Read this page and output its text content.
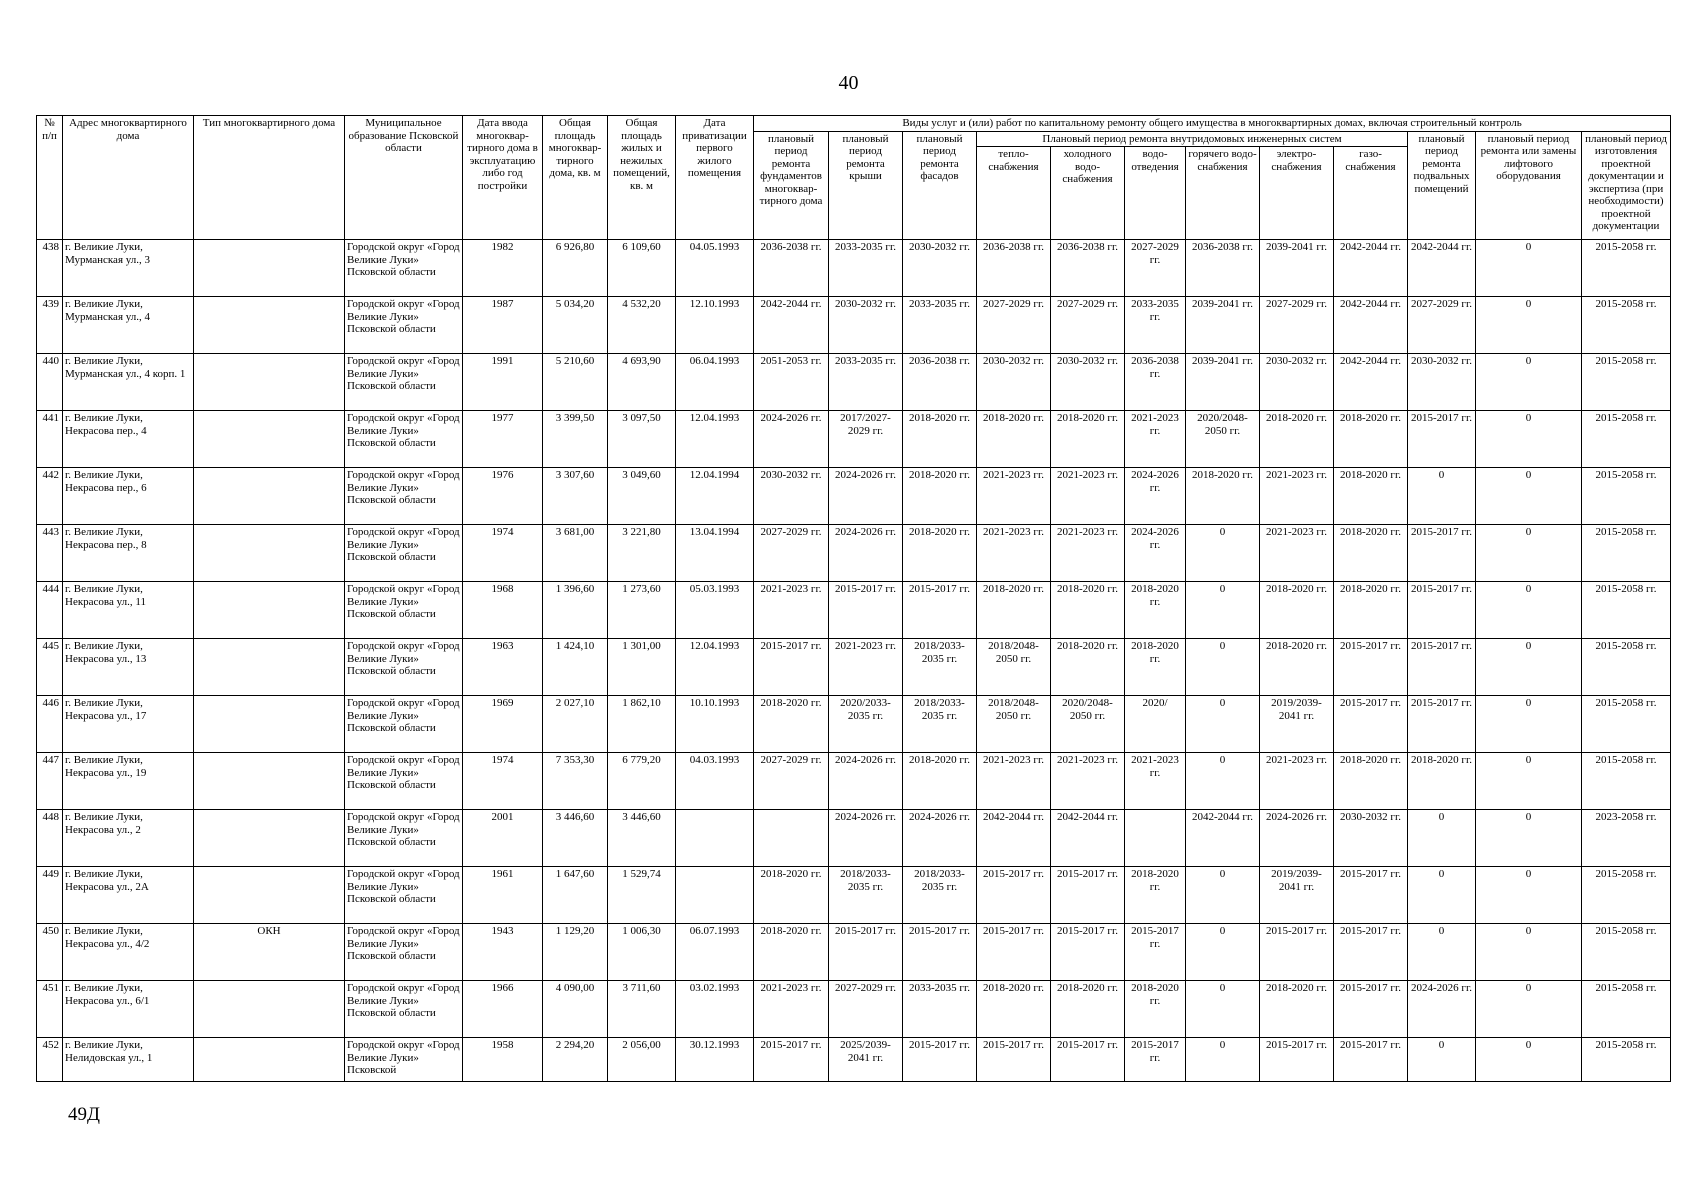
40
№ п/п	Адрес многоквартирного дома	Тип многоквартирного дома	Муниципальное образование Псковской области	Дата ввода многоквар-тирного дома в эксплуатацию либо год постройки	Общая площадь многоквар-тирного дома, кв. м	Общая площадь жилых и нежилых помещений, кв. м	Дата приватизации первого жилого помещения	Виды услуг и (или) работ по капитальному ремонту общего имущества в многоквартирных домах, включая строительный контроль											
								плановый период ремонта фундаментов многоквар-тирного дома	плановый период ремонта крыши	плановый период ремонта фасадов	Плановый период ремонта внутридомовых инженерных систем						плановый период ремонта подвальных помещений	плановый период ремонта или замены лифтового оборудования	плановый период изготовления проектной документации и экспертиза (при необходимости) проектной документации
											тепло-снабжения	холодного водо-снабжения	водо-отведения	горячего водо-снабжения	электро-снабжения	газо-снабжения			
438	г. Великие Луки, Мурманская ул., 3		Городской округ «Город Великие Луки» Псковской области	1982	6 926,80	6 109,60	04.05.1993	2036-2038 гг.	2033-2035 гг.	2030-2032 гг.	2036-2038 гг.	2036-2038 гг.	2027-2029 гг.	2036-2038 гг.	2039-2041 гг.	2042-2044 гг.	2042-2044 гг.	0	2015-2058 гг.
439	г. Великие Луки, Мурманская ул., 4		Городской округ «Город Великие Луки» Псковской области	1987	5 034,20	4 532,20	12.10.1993	2042-2044 гг.	2030-2032 гг.	2033-2035 гг.	2027-2029 гг.	2027-2029 гг.	2033-2035 гг.	2039-2041 гг.	2027-2029 гг.	2042-2044 гг.	2027-2029 гг.	0	2015-2058 гг.
440	г. Великие Луки, Мурманская ул., 4 корп. 1		Городской округ «Город Великие Луки» Псковской области	1991	5 210,60	4 693,90	06.04.1993	2051-2053 гг.	2033-2035 гг.	2036-2038 гг.	2030-2032 гг.	2030-2032 гг.	2036-2038 гг.	2039-2041 гг.	2030-2032 гг.	2042-2044 гг.	2030-2032 гг.	0	2015-2058 гг.
441	г. Великие Луки, Некрасова пер., 4		Городской округ «Город Великие Луки» Псковской области	1977	3 399,50	3 097,50	12.04.1993	2024-2026 гг.	2017/2027-2029 гг.	2018-2020 гг.	2018-2020 гг.	2018-2020 гг.	2021-2023 гг.	2020/2048-2050 гг.	2018-2020 гг.	2018-2020 гг.	2015-2017 гг.	0	2015-2058 гг.
442	г. Великие Луки, Некрасова пер., 6		Городской округ «Город Великие Луки» Псковской области	1976	3 307,60	3 049,60	12.04.1994	2030-2032 гг.	2024-2026 гг.	2018-2020 гг.	2021-2023 гг.	2021-2023 гг.	2024-2026 гг.	2018-2020 гг.	2021-2023 гг.	2018-2020 гг.	0	0	2015-2058 гг.
443	г. Великие Луки, Некрасова пер., 8		Городской округ «Город Великие Луки» Псковской области	1974	3 681,00	3 221,80	13.04.1994	2027-2029 гг.	2024-2026 гг.	2018-2020 гг.	2021-2023 гг.	2021-2023 гг.	2024-2026 гг.	0	2021-2023 гг.	2018-2020 гг.	2015-2017 гг.	0	2015-2058 гг.
444	г. Великие Луки, Некрасова ул., 11		Городской округ «Город Великие Луки» Псковской области	1968	1 396,60	1 273,60	05.03.1993	2021-2023 гг.	2015-2017 гг.	2015-2017 гг.	2018-2020 гг.	2018-2020 гг.	2018-2020 гг.	0	2018-2020 гг.	2018-2020 гг.	2015-2017 гг.	0	2015-2058 гг.
445	г. Великие Луки, Некрасова ул., 13		Городской округ «Город Великие Луки» Псковской области	1963	1 424,10	1 301,00	12.04.1993	2015-2017 гг.	2021-2023 гг.	2018/2033-2035 гг.	2018/2048-2050 гг.	2018-2020 гг.	2018-2020 гг.	0	2018-2020 гг.	2015-2017 гг.	2015-2017 гг.	0	2015-2058 гг.
446	г. Великие Луки, Некрасова ул., 17		Городской округ «Город Великие Луки» Псковской области	1969	2 027,10	1 862,10	10.10.1993	2018-2020 гг.	2020/2033-2035 гг.	2018/2033-2035 гг.	2018/2048-2050 гг.	2020/2048-2050 гг.	2020/	0	2019/2039-2041 гг.	2015-2017 гг.	2015-2017 гг.	0	2015-2058 гг.
447	г. Великие Луки, Некрасова ул., 19		Городской округ «Город Великие Луки» Псковской области	1974	7 353,30	6 779,20	04.03.1993	2027-2029 гг.	2024-2026 гг.	2018-2020 гг.	2021-2023 гг.	2021-2023 гг.	2021-2023 гг.	0	2021-2023 гг.	2018-2020 гг.	2018-2020 гг.	0	2015-2058 гг.
448	г. Великие Луки, Некрасова ул., 2		Городской округ «Город Великие Луки» Псковской области	2001	3 446,60	3 446,60			2024-2026 гг.	2024-2026 гг.	2042-2044 гг.	2042-2044 гг.		2042-2044 гг.	2024-2026 гг.	2030-2032 гг.	0	0	2023-2058 гг.
449	г. Великие Луки, Некрасова ул., 2А		Городской округ «Город Великие Луки» Псковской области	1961	1 647,60	1 529,74		2018-2020 гг.	2018/2033-2035 гг.	2018/2033-2035 гг.	2015-2017 гг.	2015-2017 гг.	2018-2020 гг.	0	2019/2039-2041 гг.	2015-2017 гг.	0	0	2015-2058 гг.
450	г. Великие Луки, Некрасова ул., 4/2	ОКН	Городской округ «Город Великие Луки» Псковской области	1943	1 129,20	1 006,30	06.07.1993	2018-2020 гг.	2015-2017 гг.	2015-2017 гг.	2015-2017 гг.	2015-2017 гг.	2015-2017 гг.	0	2015-2017 гг.	2015-2017 гг.	0	0	2015-2058 гг.
451	г. Великие Луки, Некрасова ул., 6/1		Городской округ «Город Великие Луки» Псковской области	1966	4 090,00	3 711,60	03.02.1993	2021-2023 гг.	2027-2029 гг.	2033-2035 гг.	2018-2020 гг.	2018-2020 гг.	2018-2020 гг.	0	2018-2020 гг.	2015-2017 гг.	2024-2026 гг.	0	2015-2058 гг.
452	г. Великие Луки, Нелидовская ул., 1		Городской округ «Город Великие Луки» Псковской	1958	2 294,20	2 056,00	30.12.1993	2015-2017 гг.	2025/2039-2041 гг.	2015-2017 гг.	2015-2017 гг.	2015-2017 гг.	2015-2017 гг.	0	2015-2017 гг.	2015-2017 гг.	0	0	2015-2058 гг.
49Д
